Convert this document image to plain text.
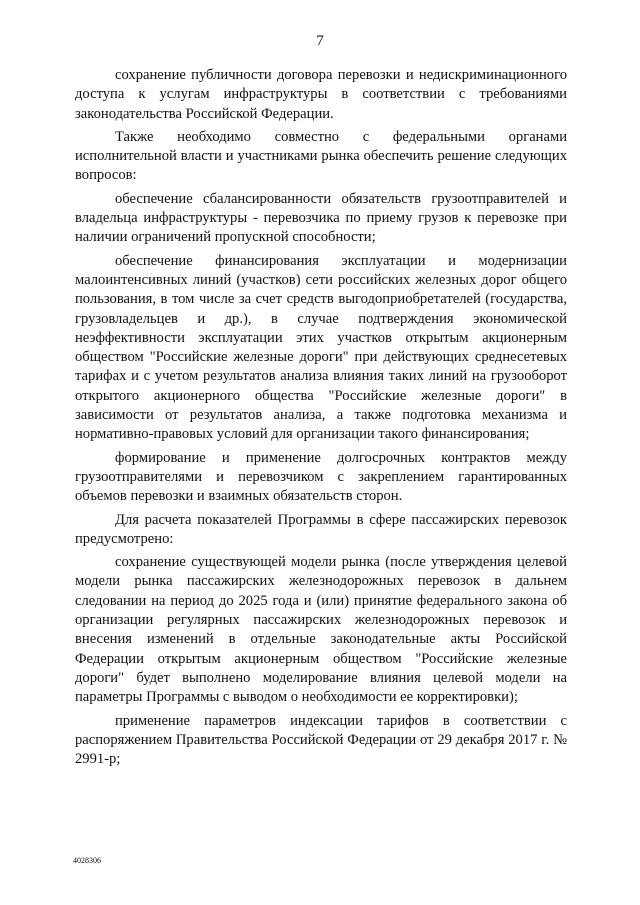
7

сохранение публичности договора перевозки и недискриминационного доступа к услугам инфраструктуры в соответствии с требованиями законодательства Российской Федерации.

Также необходимо совместно с федеральными органами исполнительной власти и участниками рынка обеспечить решение следующих вопросов:

обеспечение сбалансированности обязательств грузоотправителей и владельца инфраструктуры - перевозчика по приему грузов к перевозке при наличии ограничений пропускной способности;

обеспечение финансирования эксплуатации и модернизации малоинтенсивных линий (участков) сети российских железных дорог общего пользования, в том числе за счет средств выгодоприобретателей (государства, грузовладельцев и др.), в случае подтверждения экономической неэффективности эксплуатации этих участков открытым акционерным обществом "Российские железные дороги" при действующих среднесетевых тарифах и с учетом результатов анализа влияния таких линий на грузооборот открытого акционерного общества "Российские железные дороги" в зависимости от результатов анализа, а также подготовка механизма и нормативно-правовых условий для организации такого финансирования;

формирование и применение долгосрочных контрактов между грузоотправителями и перевозчиком с закреплением гарантированных объемов перевозки и взаимных обязательств сторон.

Для расчета показателей Программы в сфере пассажирских перевозок предусмотрено:

сохранение существующей модели рынка (после утверждения целевой модели рынка пассажирских железнодорожных перевозок в дальнем следовании на период до 2025 года и (или) принятие федерального закона об организации регулярных пассажирских железнодорожных перевозок и внесения изменений в отдельные законодательные акты Российской Федерации открытым акционерным обществом "Российские железные дороги" будет выполнено моделирование влияния целевой модели на параметры Программы с выводом о необходимости ее корректировки);

применение параметров индексации тарифов в соответствии с распоряжением Правительства Российской Федерации от 29 декабря 2017 г. № 2991-р;

4028306
